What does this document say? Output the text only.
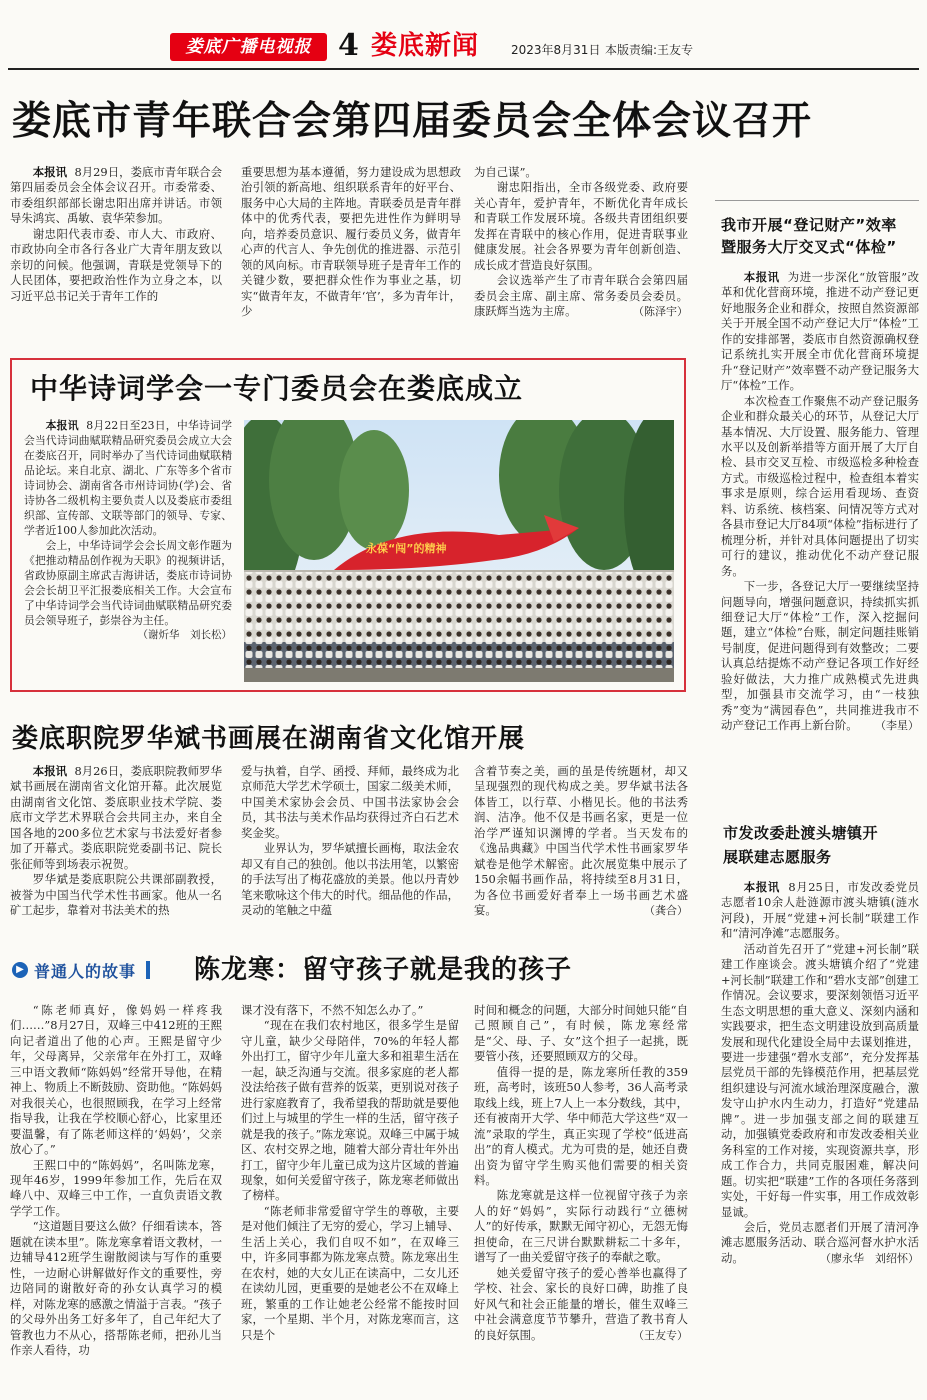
娄底广播电视报 4 娄底新闻	2023年8月31日 本版责编:王友专
娄底市青年联合会第四届委员会全体会议召开

本报讯 8月29日，娄底市青年联合会第四届委员会全体会议召开。市委常委、市委组织部部长谢忠阳出席并讲话。市领导朱鸿宾、禹敏、袁华荣参加。

谢忠阳代表市委、市人大、市政府、市政协向全市各行各业广大青年朋友致以亲切的问候。他强调，青联是党领导下的人民团体，要把政治性作为立身之本，以习近平总书记关于青年工作的

重要思想为基本遵循，努力建设成为思想政治引领的新高地、组织联系青年的好平台、服务中心大局的主阵地。青联委员是青年群体中的优秀代表，要把先进性作为鲜明导向，培养委员意识、履行委员义务，做青年心声的代言人、争先创优的推进器、示范引领的风向标。市青联领导班子是青年工作的关键少数，要把群众性作为事业之基，切实“做青年友，不做青年‘官’，多为青年计，少

为自己谋”。

谢忠阳指出，全市各级党委、政府要关心青年，爱护青年，不断优化青年成长和青联工作发展环境。各级共青团组织要发挥在青联中的核心作用，促进青联事业健康发展。社会各界要为青年创新创造、成长成才营造良好氛围。

会议选举产生了市青年联合会第四届委员会主席、副主席、常务委员会委员。康跃辉当选为主席。	（陈泽宇）

中华诗词学会一专门委员会在娄底成立

本报讯 8月22日至23日，中华诗词学会当代诗词曲赋联精品研究委员会成立大会在娄底召开，同时举办了当代诗词曲赋联精品论坛。来自北京、湖北、广东等多个省市诗词协会、湖南省各市州诗词协(学)会、省诗协各二级机构主要负责人以及娄底市委组织部、宣传部、文联等部门的领导、专家、学者近100人参加此次活动。

会上，中华诗词学会会长周文彰作题为《把推动精品创作视为天职》的视频讲话，省政协原副主席武吉海讲话，娄底市诗词协会会长胡卫平汇报娄底相关工作。大会宣布了中华诗词学会当代诗词曲赋联精品研究委员会领导班子，彭崇谷为主任。
（谢炘华　刘长松）

永葆“闯”的精神
我市开展“登记财产”效率
暨服务大厅交叉式“体检”

本报讯 为进一步深化“放管服”改革和优化营商环境，推进不动产登记更好地服务企业和群众，按照自然资源部关于开展全国不动产登记大厅“体检”工作的安排部署，娄底市自然资源确权登记系统扎实开展全市优化营商环境提升“登记财产”效率暨不动产登记服务大厅“体检”工作。

本次检查工作聚焦不动产登记服务企业和群众最关心的环节，从登记大厅基本情况、大厅设置、服务能力、管理水平以及创新举措等方面开展了大厅自检、县市交叉互检、市级巡检多种检查方式。市级巡检过程中，检查组本着实事求是原则，综合运用看现场、查资料、访系统、核档案、问情况等方式对各县市登记大厅84项“体检”指标进行了梳理分析，并针对具体问题提出了切实可行的建议，推动优化不动产登记服务。

下一步，各登记大厅一要继续坚持问题导向，增强问题意识，持续抓实抓细登记大厅“体检”工作，深入挖掘问题，建立“体检”台账，制定问题挂账销号制度，促进问题得到有效整改；二要认真总结提炼不动产登记各项工作好经验好做法，大力推广成熟模式先进典型，加强县市交流学习，由“一枝独秀”变为“满园春色”，共同推进我市不动产登记工作再上新台阶。 （李星）

市发改委赴渡头塘镇开
展联建志愿服务

本报讯 8月25日，市发改委党员志愿者10余人赴涟源市渡头塘镇(涟水河段)，开展“党建+河长制”联建工作和“清河净滩”志愿服务。

活动首先召开了“党建+河长制”联建工作座谈会。渡头塘镇介绍了“党建+河长制”联建工作和“碧水支部”创建工作情况。会议要求，要深刻领悟习近平生态文明思想的重大意义、深刻内涵和实践要求，把生态文明建设放到高质量发展和现代化建设全局中去谋划推进，要进一步建强“碧水支部”，充分发挥基层党员干部的先锋模范作用，把基层党组织建设与河流水域治理深度融合，激发守山护水内生动力，打造好“党建品牌”。进一步加强支部之间的联建互动，加强镇党委政府和市发改委相关业务科室的工作对接，实现资源共享，形成工作合力，共同克服困难，解决问题。切实把“联建”工作的各项任务落到实处，干好每一件实事，用工作成效彰显诚。

会后，党员志愿者们开展了清河净滩志愿服务活动、联合巡河督水护水活动。	（廖永华　刘绍怀）

娄底职院罗华斌书画展在湖南省文化馆开展

本报讯 8月26日，娄底职院教师罗华斌书画展在湖南省文化馆开幕。此次展览由湖南省文化馆、娄底职业技术学院、娄底市文学艺术界联合会共同主办，来自全国各地的200多位艺术家与书法爱好者参加了开幕式。娄底职院党委副书记、院长张征师等到场表示祝贺。

罗华斌是娄底职院公共课部副教授，被誉为中国当代学术性书画家。他从一名矿工起步，靠着对书法美术的热

爱与执着，自学、函授、拜师，最终成为北京师范大学艺术学硕士，国家二级美术师，中国美术家协会会员、中国书法家协会会员，其书法与美术作品均获得过齐白石艺术奖金奖。

业界认为，罗华斌擅长画梅，取法金农却又有自己的独创。他以书法用笔，以繁密的手法写出了梅花盛放的美景。他以丹青妙笔来歌咏这个伟大的时代。细品他的作品，灵动的笔触之中蕴

含着节奏之美，画的虽是传统题材，却又呈现强烈的现代构成之美。罗华斌书法各体皆工，以行草、小楷见长。他的书法秀润、洁净。他不仅是书画名家，更是一位治学严谨知识渊博的学者。当天发布的《逸品典藏》中国当代学术性书画家罗华斌卷是他学术解密。此次展览集中展示了150余幅书画作品，将持续至8月31日，为各位书画爱好者奉上一场书画艺术盛宴。	（龚合）

▶ 普通人的故事 陈龙寒：留守孩子就是我的孩子

“陈老师真好，像妈妈一样疼我们……”8月27日，双峰三中412班的王熙向记者道出了他的心声。王熙是留守少年，父母离异，父亲常年在外打工，双峰三中语文教师“陈妈妈”经常开导他，在精神上、物质上不断鼓励、资助他。“陈妈妈对我很关心，也很照顾我，在学习上经常指导我，让我在学校顺心舒心，比家里还要温馨，有了陈老师这样的‘妈妈’，父亲放心了。”

王熙口中的“陈妈妈”，名叫陈龙寒，现年46岁，1999年参加工作，先后在双峰八中、双峰三中工作，一直负责语文教学学工作。

“这道题目要这么做？仔细看读本，答题就在读本里”。陈龙寒拿着语文教材，一边辅导412班学生谢散阅读与写作的重要性，一边耐心讲解做好作文的重要性，旁边陪同的谢散好奇的孙女认真学习的模样，对陈龙寒的感激之情溢于言表。“孩子的父母外出务工好多年了，自己年纪大了管教也力不从心，搭帮陈老师，把孙儿当作亲人看待，功

课才没有落下，不然不知怎么办了。”

“现在在我们农村地区，很多学生是留守儿童，缺少父母陪伴，70%的年轻人都外出打工，留守少年儿童大多和祖辈生活在一起，缺乏沟通与交流。很多家庭的老人都没法给孩子做有营养的饭菜，更别说对孩子进行家庭教育了，我希望我的帮助就是要他们过上与城里的学生一样的生活，留守孩子就是我的孩子。”陈龙寒说。双峰三中属于城区、农村交界之地，随着大部分青壮年外出打工，留守少年儿童已成为这片区域的普遍现象，如何关爱留守孩子，陈龙寒老师做出了榜样。

“陈老师非常爱留守学生的尊敬，主要是对他们倾注了无穷的爱心，学习上辅导、生活上关心，我们自叹不如”，在双峰三中，许多同事都为陈龙寒点赞。陈龙寒出生在农村，她的大女儿正在读高中，二女儿还在读幼儿园，更重要的是她老公不在双峰上班，繁重的工作让她老公经常不能按时回家，一个星期、半个月，对陈龙寒而言，这只是个

时间和概念的问题，大部分时间她只能“自己照顾自己”，有时候，陈龙寒经常是“父、母、子、女”这个担子一起挑，既要管小孩，还要照顾双方的父母。

值得一提的是，陈龙寒所任教的359班，高考时，该班50人参考，36人高考录取线上线，班上7人上一本分数线，其中，还有被南开大学、华中师范大学这些“双一流”录取的学生，真正实现了学校“低进高出”的育人模式。尤为可贵的是，她还自费出资为留守学生购买他们需要的相关资料。

陈龙寒就是这样一位视留守孩子为亲人的好“妈妈”，实际行动践行“立德树人”的好传承，默默无闻守初心，无怨无悔担使命，在三尺讲台默默耕耘二十多年，谱写了一曲关爱留守孩子的奉献之歌。

她关爱留守孩子的爱心善举也赢得了学校、社会、家长的良好口碑，助推了良好风气和社会正能量的增长，催生双峰三中社会满意度节节攀升，营造了教书育人的良好氛围。	（王友专）
